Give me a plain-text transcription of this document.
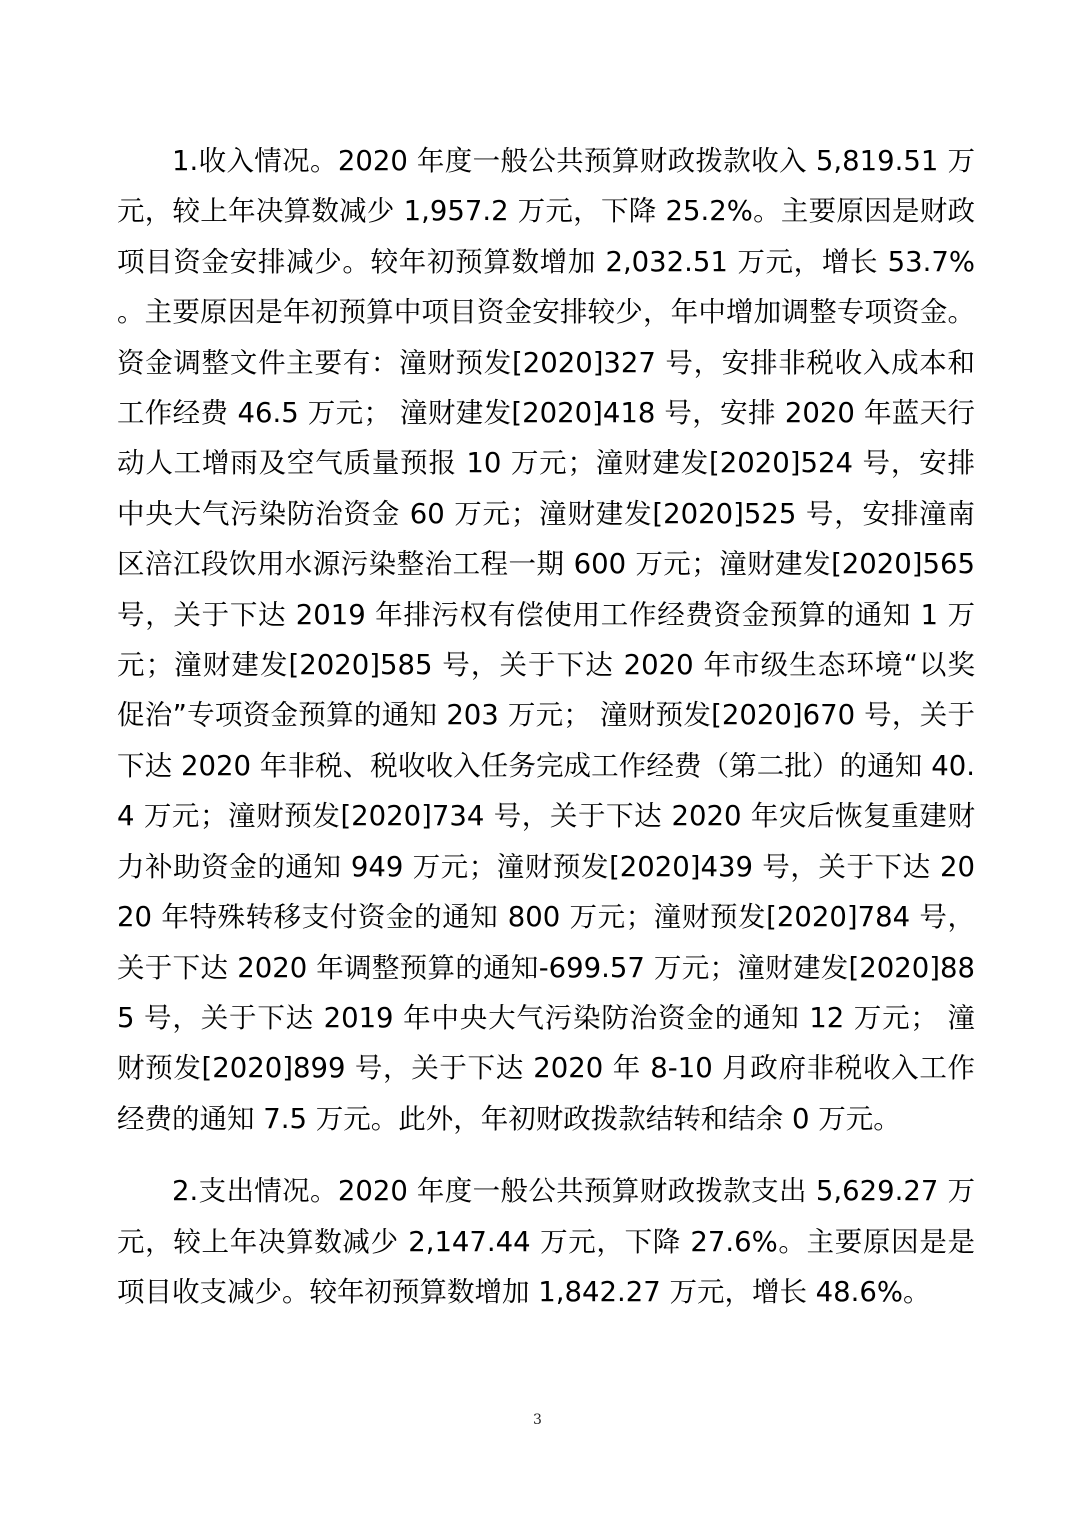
1.收入情况。2020 年度一般公共预算财政拨款收入 5,819.51 万元，较上年决算数减少 1,957.2 万元，下降 25.2%。主要原因是财政项目资金安排减少。较年初预算数增加 2,032.51 万元，增长 53.7%。主要原因是年初预算中项目资金安排较少，年中增加调整专项资金。资金调整文件主要有：潼财预发[2020]327 号，安排非税收入成本和工作经费 46.5 万元； 潼财建发[2020]418 号，安排 2020 年蓝天行动人工增雨及空气质量预报 10 万元；潼财建发[2020]524 号，安排中央大气污染防治资金 60 万元；潼财建发[2020]525 号，安排潼南区涪江段饮用水源污染整治工程一期 600 万元；潼财建发[2020]565 号，关于下达 2019 年排污权有偿使用工作经费资金预算的通知 1 万元；潼财建发[2020]585 号，关于下达 2020 年市级生态环境“以奖促治”专项资金预算的通知 203 万元； 潼财预发[2020]670 号，关于下达 2020 年非税、税收收入任务完成工作经费（第二批）的通知 40.4 万元；潼财预发[2020]734 号，关于下达 2020 年灾后恢复重建财力补助资金的通知 949 万元；潼财预发[2020]439 号，关于下达 2020 年特殊转移支付资金的通知 800 万元；潼财预发[2020]784 号，关于下达 2020 年调整预算的通知-699.57 万元；潼财建发[2020]885 号，关于下达 2019 年中央大气污染防治资金的通知 12 万元； 潼财预发[2020]899 号，关于下达 2020 年 8-10 月政府非税收入工作经费的通知 7.5 万元。此外，年初财政拨款结转和结余 0 万元。

2.支出情况。2020 年度一般公共预算财政拨款支出 5,629.27 万元，较上年决算数减少 2,147.44 万元，下降 27.6%。主要原因是是项目收支减少。较年初预算数增加 1,842.27 万元，增长 48.6%。

3
